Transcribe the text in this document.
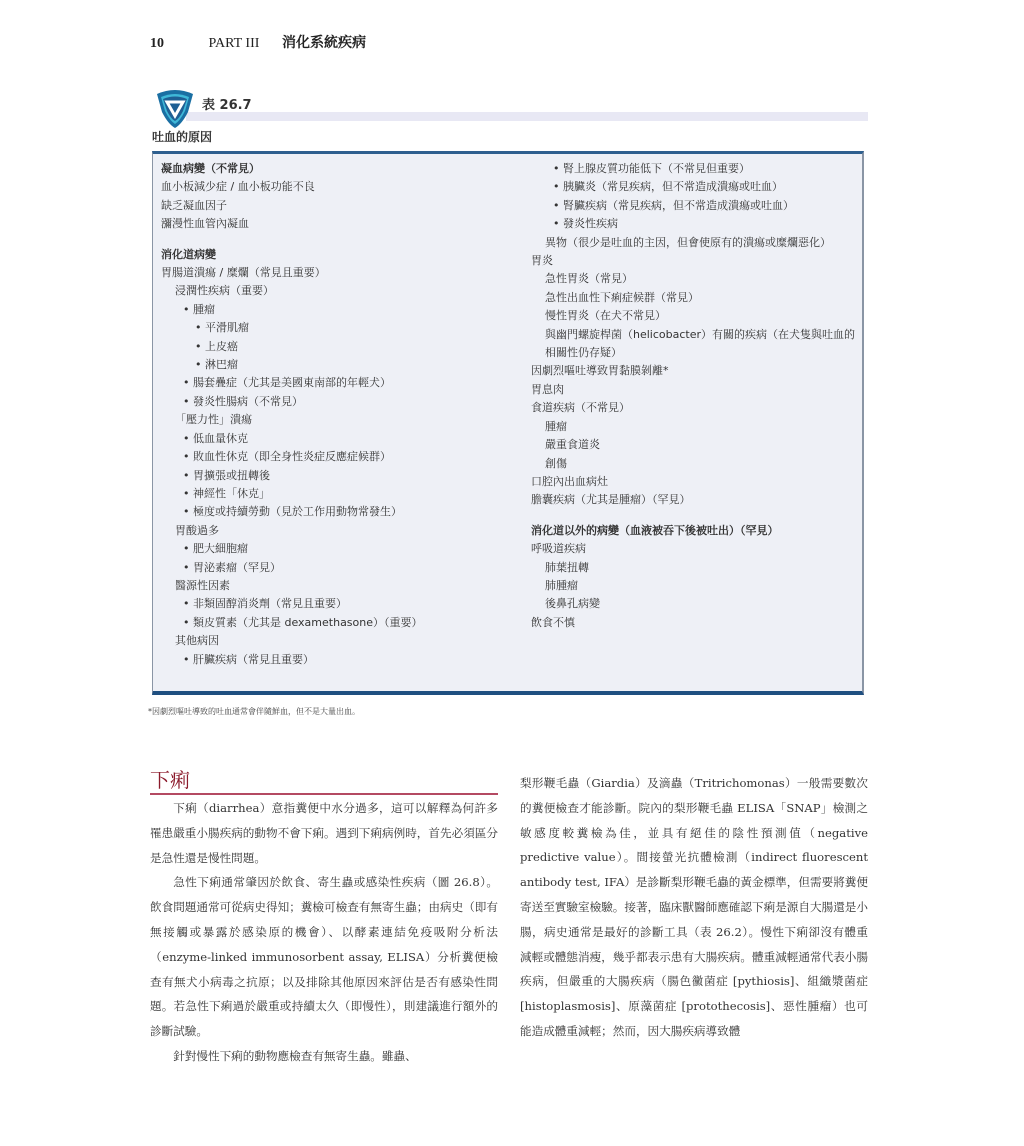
10	PART III 消化系統疾病
表 26.7
吐血的原因
凝血病變（不常見）
血小板減少症 / 血小板功能不良
缺乏凝血因子
瀰漫性血管內凝血
消化道病變
胃腸道潰瘍 / 糜爛（常見且重要）
浸潤性疾病（重要）
• 腫瘤
• 平滑肌瘤
• 上皮癌
• 淋巴瘤
• 腸套疊症（尤其是美國東南部的年輕犬）
• 發炎性腸病（不常見）
「壓力性」潰瘍
• 低血量休克
• 敗血性休克（即全身性炎症反應症候群）
• 胃擴張或扭轉後
• 神經性「休克」
• 極度或持續勞動（見於工作用動物常發生）
胃酸過多
• 肥大細胞瘤
• 胃泌素瘤（罕見）
醫源性因素
• 非類固醇消炎劑（常見且重要）
• 類皮質素（尤其是 dexamethasone）（重要）
其他病因
• 肝臟疾病（常見且重要）
• 腎上腺皮質功能低下（不常見但重要）
• 胰臟炎（常見疾病，但不常造成潰瘍或吐血）
• 腎臟疾病（常見疾病，但不常造成潰瘍或吐血）
• 發炎性疾病
異物（很少是吐血的主因，但會使原有的潰瘍或糜爛惡化）
胃炎
急性胃炎（常見）
急性出血性下痢症候群（常見）
慢性胃炎（在犬不常見）
與幽門螺旋桿菌（helicobacter）有關的疾病（在犬隻與吐血的相關性仍存疑）
因劇烈嘔吐導致胃黏膜剝離*
胃息肉
食道疾病（不常見）
腫瘤
嚴重食道炎
創傷
口腔內出血病灶
膽囊疾病（尤其是腫瘤）（罕見）
消化道以外的病變（血液被吞下後被吐出）（罕見）
呼吸道疾病
肺葉扭轉
肺腫瘤
後鼻孔病變
飲食不慎
*因劇烈嘔吐導致的吐血通常會伴隨鮮血，但不是大量出血。
下痢

下痢（diarrhea）意指糞便中水分過多，這可以解釋為何許多罹患嚴重小腸疾病的動物不會下痢。遇到下痢病例時，首先必須區分是急性還是慢性問題。

急性下痢通常肇因於飲食、寄生蟲或感染性疾病（圖 26.8）。飲食問題通常可從病史得知；糞檢可檢查有無寄生蟲；由病史（即有無接觸或暴露於感染原的機會）、以酵素連結免疫吸附分析法（enzyme-linked immunosorbent assay, ELISA）分析糞便檢查有無犬小病毒之抗原；以及排除其他原因來評估是否有感染性問題。若急性下痢過於嚴重或持續太久（即慢性），則建議進行額外的診斷試驗。

針對慢性下痢的動物應檢查有無寄生蟲。雖蟲、

梨形鞭毛蟲（Giardia）及滴蟲（Tritrichomonas）一般需要數次的糞便檢查才能診斷。院內的梨形鞭毛蟲 ELISA「SNAP」檢測之敏感度較糞檢為佳，並具有絕佳的陰性預測值（negative predictive value）。間接螢光抗體檢測（indirect fluorescent antibody test, IFA）是診斷梨形鞭毛蟲的黃金標準，但需要將糞便寄送至實驗室檢驗。接著，臨床獸醫師應確認下痢是源自大腸還是小腸，病史通常是最好的診斷工具（表 26.2）。慢性下痢卻沒有體重減輕或體態消瘦，幾乎都表示患有大腸疾病。體重減輕通常代表小腸疾病，但嚴重的大腸疾病（腸色黴菌症 [pythiosis]、組織漿菌症 [histoplasmosis]、原藻菌症 [protothecosis]、惡性腫瘤）也可能造成體重減輕；然而，因大腸疾病導致體
